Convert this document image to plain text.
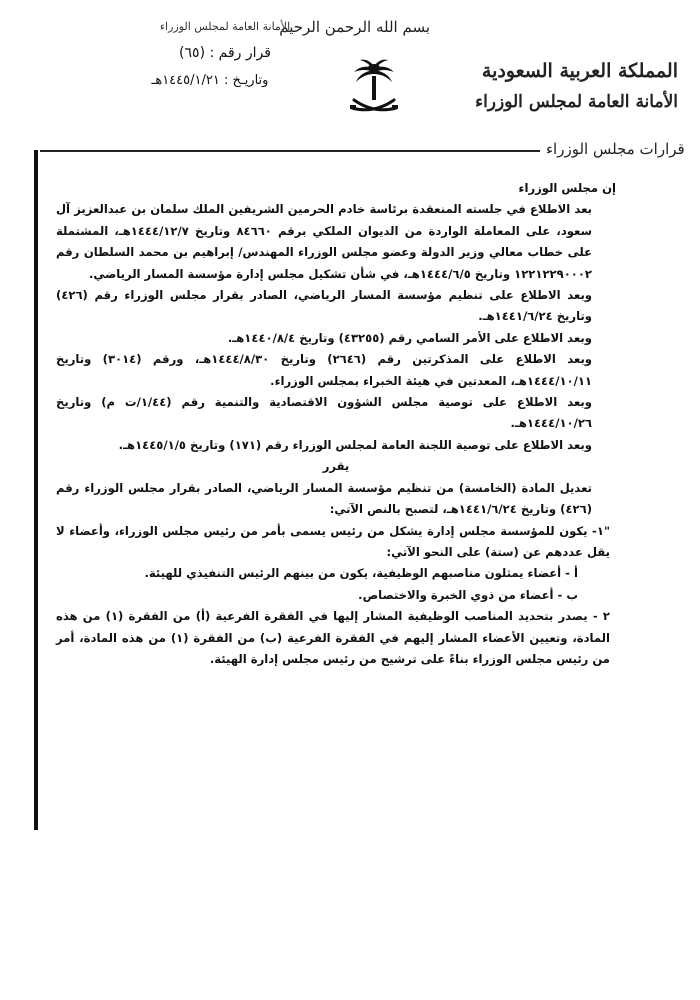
بسم الله الرحمن الرحيم
الأمانة العامة لمجلس الوزراء
قرار رقم : (٦٥)
وتاريـخ : ١٤٤٥/١/٢١هـ	المملكة العربية السعودية
الأمانة العامة لمجلس الوزراء
قرارات مجلس الوزراء

إن مجلس الوزراء

بعد الاطلاع في جلسته المنعقدة برئاسة خادم الحرمين الشريفين الملك سلمان بن عبدالعزيز آل سعود، على المعاملة الواردة من الديوان الملكي برقم ٨٤٦٦٠ وتاريخ ١٤٤٤/١٢/٧هـ، المشتملة على خطاب معالي وزير الدولة وعضو مجلس الوزراء المهندس/ إبراهيم بن محمد السلطان رقم ١٢٢١٢٢٩٠٠٠٢ وتاريخ ١٤٤٤/٦/٥هـ، في شأن تشكيل مجلس إدارة مؤسسة المسار الرياضي.

وبعد الاطلاع على تنظيم مؤسسة المسار الرياضي، الصادر بقرار مجلس الوزراء رقم (٤٢٦) وتاريخ ١٤٤١/٦/٢٤هـ.

وبعد الاطلاع على الأمر السامي رقم (٤٣٢٥٥) وتاريخ ١٤٤٠/٨/٤هـ.

وبعد الاطلاع على المذكرتين رقم (٢٦٤٦) وتاريخ ١٤٤٤/٨/٣٠هـ، ورقم (٣٠١٤) وتاريخ ١٤٤٤/١٠/١١هـ، المعدتين في هيئة الخبراء بمجلس الوزراء.

وبعد الاطلاع على توصية مجلس الشؤون الاقتصادية والتنمية رقم (١/٤٤/ت م) وتاريخ ١٤٤٤/١٠/٢٦هـ.

وبعد الاطلاع على توصية اللجنة العامة لمجلس الوزراء رقم (١٧١) وتاريخ ١٤٤٥/١/٥هـ.

يقرر

تعديل المادة (الخامسة) من تنظيم مؤسسة المسار الرياضي، الصادر بقرار مجلس الوزراء رقم (٤٢٦) وتاريخ ١٤٤١/٦/٢٤هـ، لتصبح بالنص الآتي:

"١- يكون للمؤسسة مجلس إدارة يشكل من رئيس يسمى بأمر من رئيس مجلس الوزراء، وأعضاء لا يقل عددهم عن (ستة) على النحو الآتي:

أ - أعضاء يمثلون مناصبهم الوظيفية، يكون من بينهم الرئيس التنفيذي للهيئة.

ب - أعضاء من ذوي الخبرة والاختصاص.

٢ - يصدر بتحديد المناصب الوظيفية المشار إليها في الفقرة الفرعية (أ) من الفقرة (١) من هذه المادة، وتعيين الأعضاء المشار إليهم في الفقرة الفرعية (ب) من الفقرة (١) من هذه المادة، أمر من رئيس مجلس الوزراء بناءً على ترشيح من رئيس مجلس إدارة الهيئة.
